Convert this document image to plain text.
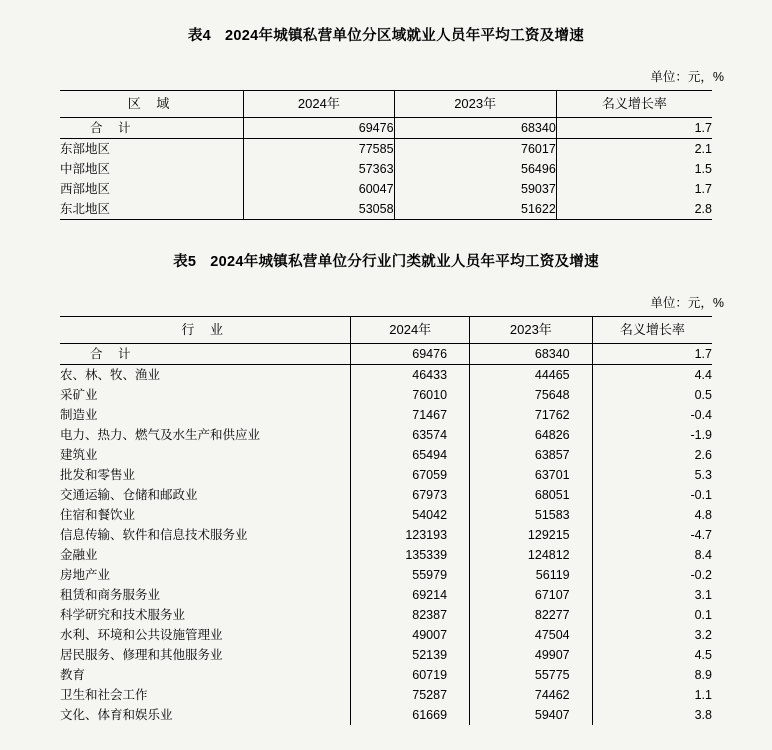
表4 2024年城镇私营单位分区域就业人员年平均工资及增速
单位：元，%
区 域	2024年	2023年	名义增长率
合 计	69476	68340	1.7
东部地区	77585	76017	2.1
中部地区	57363	56496	1.5
西部地区	60047	59037	1.7
东北地区	53058	51622	2.8
表5 2024年城镇私营单位分行业门类就业人员年平均工资及增速
单位：元，%
行 业	2024年	2023年	名义增长率
合 计	69476	68340	1.7
农、林、牧、渔业	46433	44465	4.4
采矿业	76010	75648	0.5
制造业	71467	71762	-0.4
电力、热力、燃气及水生产和供应业	63574	64826	-1.9
建筑业	65494	63857	2.6
批发和零售业	67059	63701	5.3
交通运输、仓储和邮政业	67973	68051	-0.1
住宿和餐饮业	54042	51583	4.8
信息传输、软件和信息技术服务业	123193	129215	-4.7
金融业	135339	124812	8.4
房地产业	55979	56119	-0.2
租赁和商务服务业	69214	67107	3.1
科学研究和技术服务业	82387	82277	0.1
水利、环境和公共设施管理业	49007	47504	3.2
居民服务、修理和其他服务业	52139	49907	4.5
教育	60719	55775	8.9
卫生和社会工作	75287	74462	1.1
文化、体育和娱乐业	61669	59407	3.8
